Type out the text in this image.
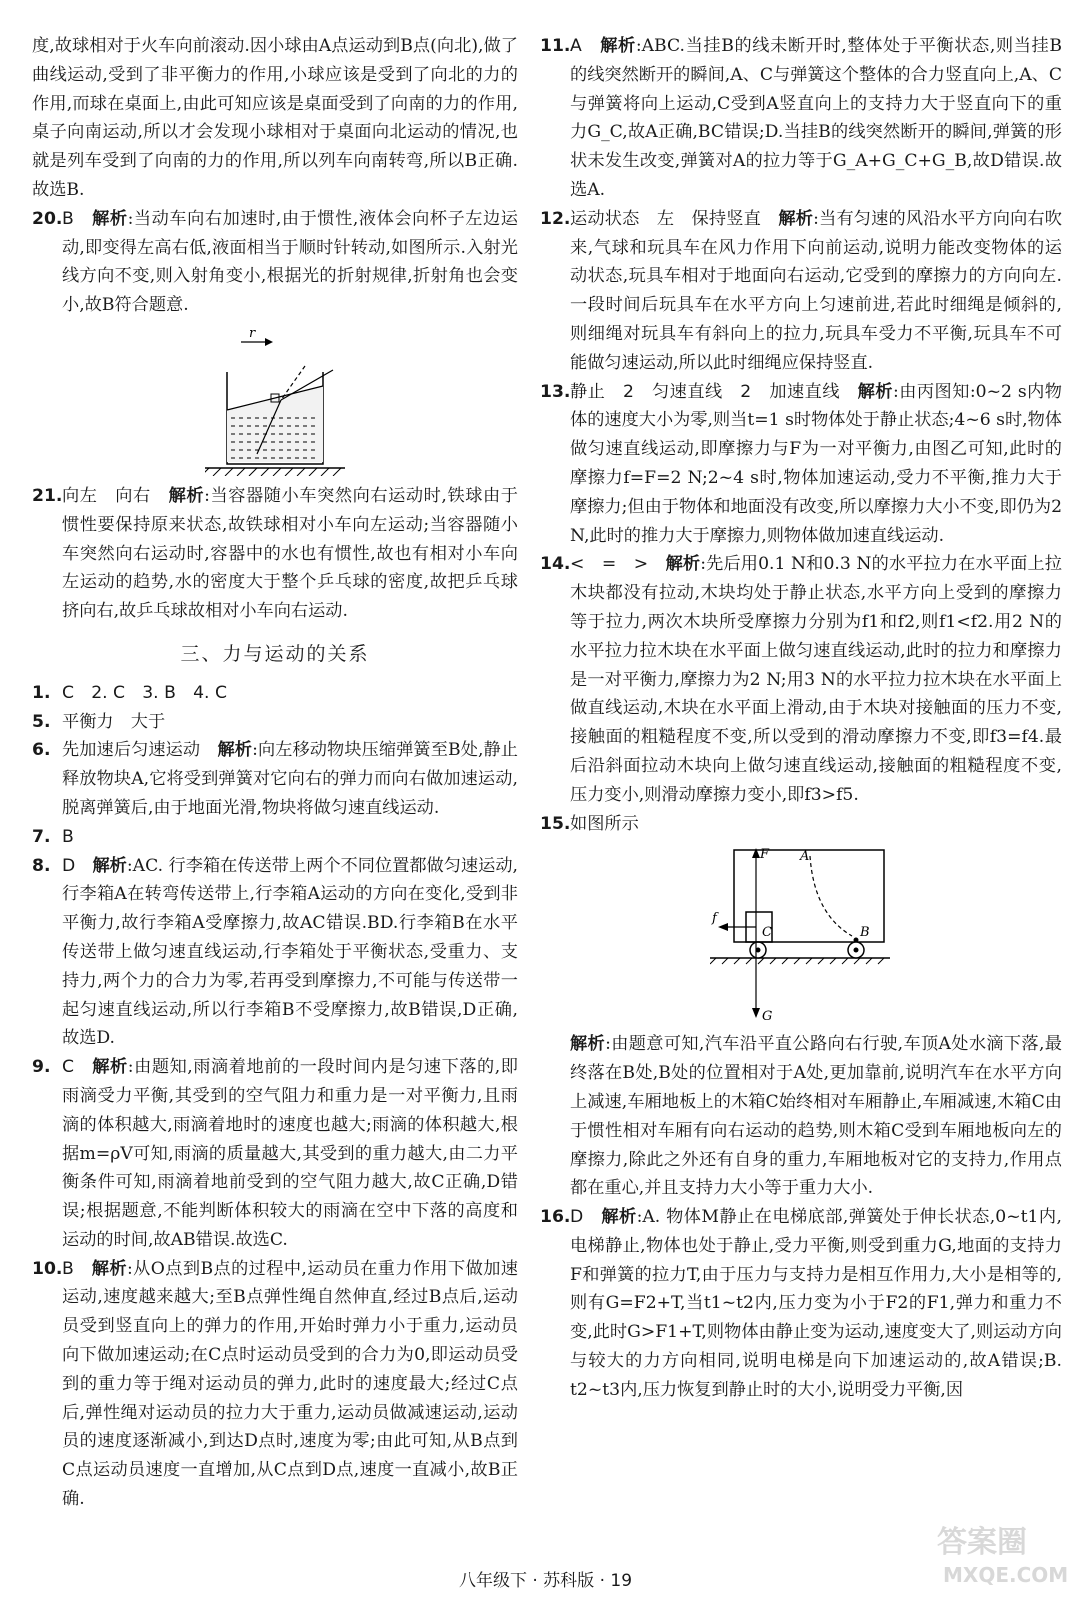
度,故球相对于火车向前滚动.因小球由A点运动到B点(向北),做了曲线运动,受到了非平衡力的作用,小球应该是受到了向北的力的作用,而球在桌面上,由此可知应该是桌面受到了向南的力的作用,桌子向南运动,所以才会发现小球相对于桌面向北运动的情况,也就是列车受到了向南的力的作用,所以列车向南转弯,所以B正确.故选B.

20. B　 解析:当动车向右加速时,由于惯性,液体会向杯子左边运动,即变得左高右低,液面相当于顺时针转动,如图所示.入射光线方向不变,则入射角变小,根据光的折射规律,折射角也会变小,故B符合题意.

r
21. 向左　向右　 解析:当容器随小车突然向右运动时,铁球由于惯性要保持原来状态,故铁球相对小车向左运动;当容器随小车突然向右运动时,容器中的水也有惯性,故也有相对小车向左运动的趋势,水的密度大于整个乒乓球的密度,故把乒乓球挤向右,故乒乓球故相对小车向右运动.

三、力与运动的关系
1. C　2. C　3. B　4. C

5. 平衡力　大于

6. 先加速后匀速运动　 解析:向左移动物块压缩弹簧至B处,静止释放物块A,它将受到弹簧对它向右的弹力而向右做加速运动,脱离弹簧后,由于地面光滑,物块将做匀速直线运动.

7. B

8. D　 解析:AC. 行李箱在传送带上两个不同位置都做匀速运动,行李箱A在转弯传送带上,行李箱A运动的方向在变化,受到非平衡力,故行李箱A受摩擦力,故AC错误.BD.行李箱B在水平传送带上做匀速直线运动,行李箱处于平衡状态,受重力、支持力,两个力的合力为零,若再受到摩擦力,不可能与传送带一起匀速直线运动,所以行李箱B不受摩擦力,故B错误,D正确,故选D.

9. C　 解析:由题知,雨滴着地前的一段时间内是匀速下落的,即雨滴受力平衡,其受到的空气阻力和重力是一对平衡力,且雨滴的体积越大,雨滴着地时的速度也越大;雨滴的体积越大,根据m=ρV可知,雨滴的质量越大,其受到的重力越大,由二力平衡条件可知,雨滴着地前受到的空气阻力越大,故C正确,D错误;根据题意,不能判断体积较大的雨滴在空中下落的高度和运动的时间,故AB错误.故选C.

10. B　 解析:从O点到B点的过程中,运动员在重力作用下做加速运动,速度越来越大;至B点弹性绳自然伸直,经过B点后,运动员受到竖直向上的弹力的作用,开始时弹力小于重力,运动员向下做加速运动;在C点时运动员受到的合力为0,即运动员受到的重力等于绳对运动员的弹力,此时的速度最大;经过C点后,弹性绳对运动员的拉力大于重力,运动员做减速运动,运动员的速度逐渐减小,到达D点时,速度为零;由此可知,从B点到C点运动员速度一直增加,从C点到D点,速度一直减小,故B正确.

11. A　 解析:ABC.当挂B的线未断开时,整体处于平衡状态,则当挂B的线突然断开的瞬间,A、C与弹簧这个整体的合力竖直向上,A、C与弹簧将向上运动,C受到A竖直向上的支持力大于竖直向下的重力G_C,故A正确,BC错误;D.当挂B的线突然断开的瞬间,弹簧的形状未发生改变,弹簧对A的拉力等于G_A+G_C+G_B,故D错误.故选A.

12. 运动状态　左　保持竖直　 解析:当有匀速的风沿水平方向向右吹来,气球和玩具车在风力作用下向前运动,说明力能改变物体的运动状态,玩具车相对于地面向右运动,它受到的摩擦力的方向向左.一段时间后玩具车在水平方向上匀速前进,若此时细绳是倾斜的,则细绳对玩具车有斜向上的拉力,玩具车受力不平衡,玩具车不可能做匀速运动,所以此时细绳应保持竖直.

13. 静止　2　匀速直线　2　加速直线　 解析:由丙图知:0~2 s内物体的速度大小为零,则当t=1 s时物体处于静止状态;4~6 s时,物体做匀速直线运动,即摩擦力与F为一对平衡力,由图乙可知,此时的摩擦力f=F=2 N;2~4 s时,物体加速运动,受力不平衡,推力大于摩擦力;但由于物体和地面没有改变,所以摩擦力大小不变,即仍为2 N,此时的推力大于摩擦力,则物体做加速直线运动.

14. <　=　>　 解析:先后用0.1 N和0.3 N的水平拉力在水平面上拉木块都没有拉动,木块均处于静止状态,水平方向上受到的摩擦力等于拉力,两次木块所受摩擦力分别为f1和f2,则f1<f2.用2 N的水平拉力拉木块在水平面上做匀速直线运动,此时的拉力和摩擦力是一对平衡力,摩擦力为2 N;用3 N的水平拉力拉木块在水平面上做直线运动,木块在水平面上滑动,由于木块对接触面的压力不变,接触面的粗糙程度不变,所以受到的滑动摩擦力不变,即f3=f4.最后沿斜面拉动木块向上做匀速直线运动,接触面的粗糙程度不变,压力变小,则滑动摩擦力变小,即f3>f5.

15. 如图所示

F A
f
C	B
G

解析:由题意可知,汽车沿平直公路向右行驶,车顶A处水滴下落,最终落在B处,B处的位置相对于A处,更加靠前,说明汽车在水平方向上减速,车厢地板上的木箱C始终相对车厢静止,车厢减速,木箱C由于惯性相对车厢有向右运动的趋势,则木箱C受到车厢地板向左的摩擦力,除此之外还有自身的重力,车厢地板对它的支持力,作用点都在重心,并且支持力大小等于重力大小.

16. D　 解析:A. 物体M静止在电梯底部,弹簧处于伸长状态,0~t1内,电梯静止,物体也处于静止,受力平衡,则受到重力G,地面的支持力F和弹簧的拉力T,由于压力与支持力是相互作用力,大小是相等的,则有G=F2+T,当t1~t2内,压力变为小于F2的F1,弹力和重力不变,此时G>F1+T,则物体由静止变为运动,速度变大了,则运动方向与较大的力方向相同,说明电梯是向下加速运动的,故A错误;B. t2~t3内,压力恢复到静止时的大小,说明受力平衡,因

八年级下 · 苏科版 · 19
答案圈
MXQE.COM
